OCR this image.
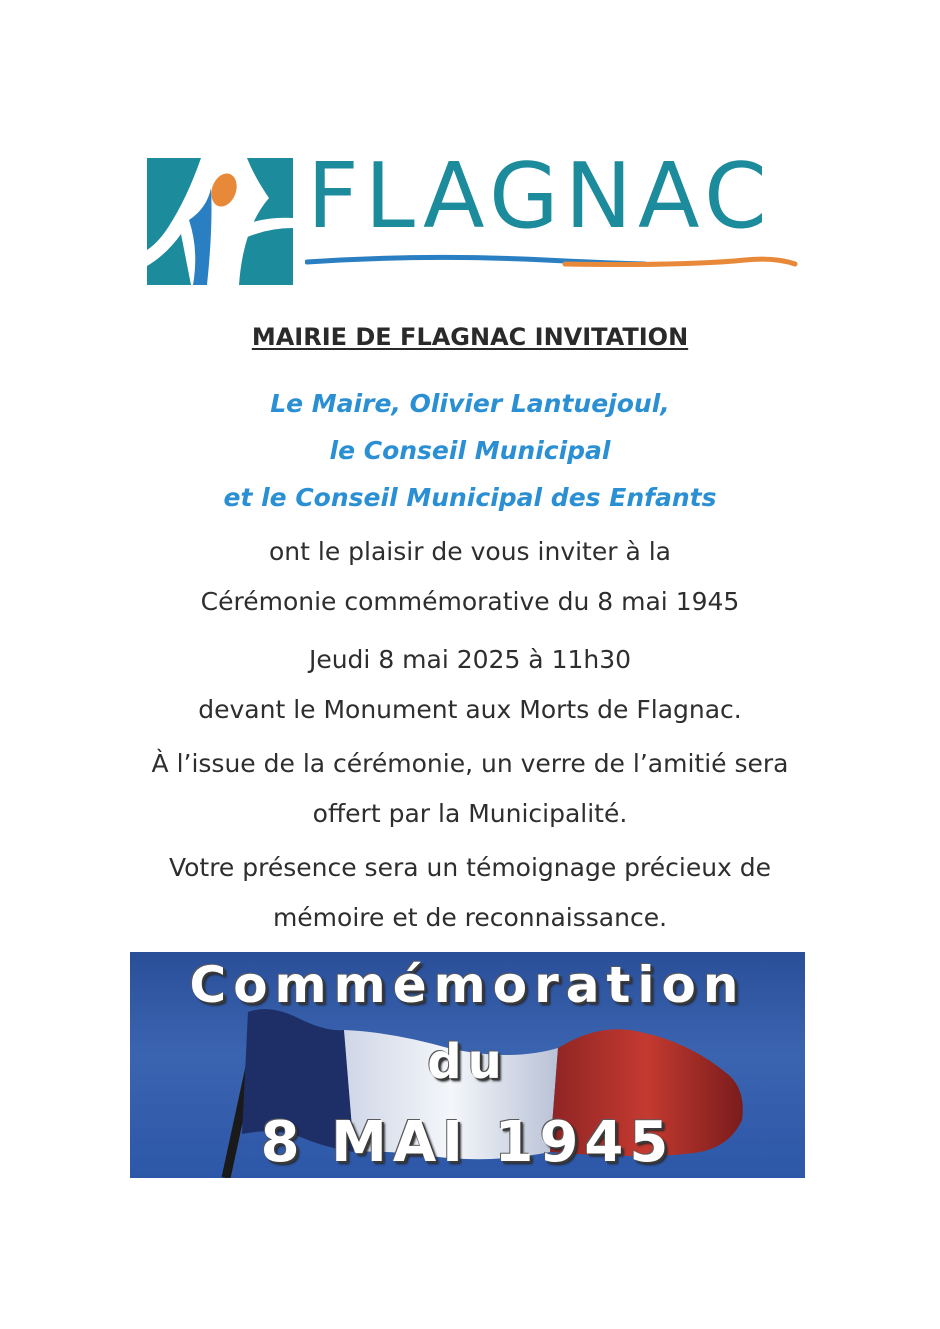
FLAGNAC
MAIRIE DE FLAGNAC INVITATION
Le Maire, Olivier Lantuejoul,
le Conseil Municipal
et le Conseil Municipal des Enfants
ont le plaisir de vous inviter à la
Cérémonie commémorative du 8 mai 1945
Jeudi 8 mai 2025 à 11h30
devant le Monument aux Morts de Flagnac.
À l’issue de la cérémonie, un verre de l’amitié sera
offert par la Municipalité.
Votre présence sera un témoignage précieux de
mémoire et de reconnaissance.
Commémoration
du
8 MAI 1945
